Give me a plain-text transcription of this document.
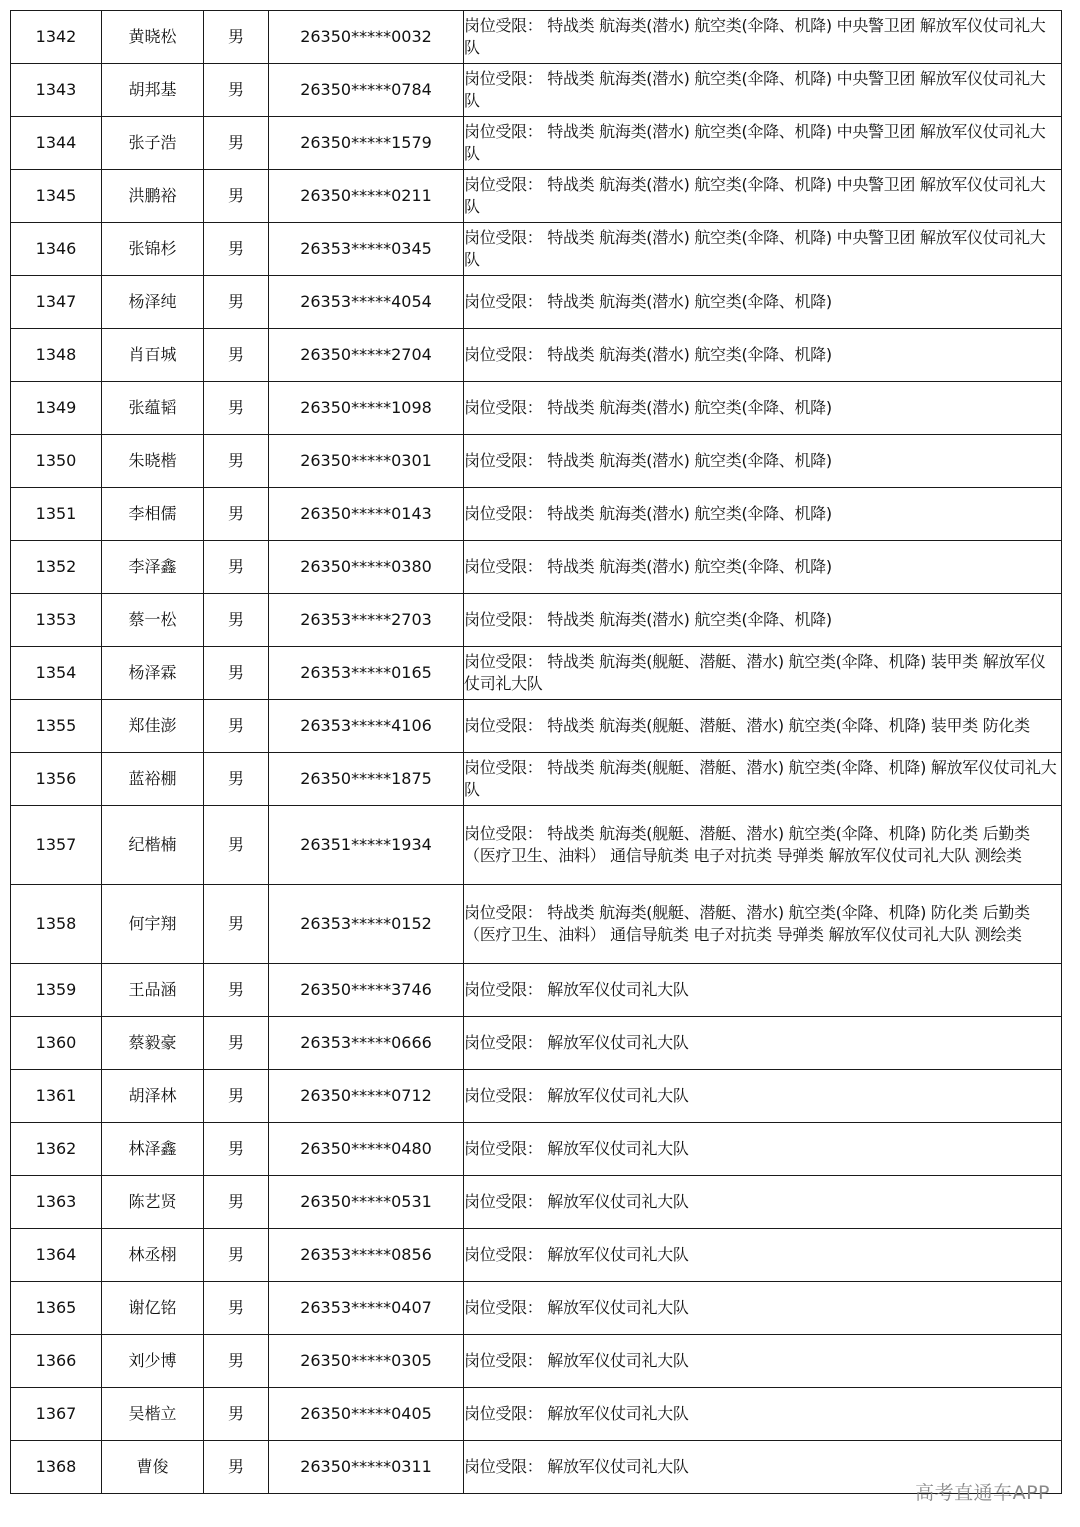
1342	黄晓松	男	26350*****0032	岗位受限： 特战类 航海类(潜水) 航空类(伞降、机降) 中央警卫团 解放军仪仗司礼大队
1343	胡邦基	男	26350*****0784	岗位受限： 特战类 航海类(潜水) 航空类(伞降、机降) 中央警卫团 解放军仪仗司礼大队
1344	张子浩	男	26350*****1579	岗位受限： 特战类 航海类(潜水) 航空类(伞降、机降) 中央警卫团 解放军仪仗司礼大队
1345	洪鹏裕	男	26350*****0211	岗位受限： 特战类 航海类(潜水) 航空类(伞降、机降) 中央警卫团 解放军仪仗司礼大队
1346	张锦杉	男	26353*****0345	岗位受限： 特战类 航海类(潜水) 航空类(伞降、机降) 中央警卫团 解放军仪仗司礼大队
1347	杨泽纯	男	26353*****4054	岗位受限： 特战类 航海类(潜水) 航空类(伞降、机降)
1348	肖百城	男	26350*****2704	岗位受限： 特战类 航海类(潜水) 航空类(伞降、机降)
1349	张蕴韬	男	26350*****1098	岗位受限： 特战类 航海类(潜水) 航空类(伞降、机降)
1350	朱晓楷	男	26350*****0301	岗位受限： 特战类 航海类(潜水) 航空类(伞降、机降)
1351	李相儒	男	26350*****0143	岗位受限： 特战类 航海类(潜水) 航空类(伞降、机降)
1352	李泽鑫	男	26350*****0380	岗位受限： 特战类 航海类(潜水) 航空类(伞降、机降)
1353	蔡一松	男	26353*****2703	岗位受限： 特战类 航海类(潜水) 航空类(伞降、机降)
1354	杨泽霖	男	26353*****0165	岗位受限： 特战类 航海类(舰艇、潜艇、潜水) 航空类(伞降、机降) 装甲类 解放军仪仗司礼大队
1355	郑佳澎	男	26353*****4106	岗位受限： 特战类 航海类(舰艇、潜艇、潜水) 航空类(伞降、机降) 装甲类 防化类
1356	蓝裕棚	男	26350*****1875	岗位受限： 特战类 航海类(舰艇、潜艇、潜水) 航空类(伞降、机降) 解放军仪仗司礼大队
1357	纪楷楠	男	26351*****1934	岗位受限： 特战类 航海类(舰艇、潜艇、潜水) 航空类(伞降、机降) 防化类 后勤类（医疗卫生、油料） 通信导航类 电子对抗类 导弹类 解放军仪仗司礼大队 测绘类
1358	何宇翔	男	26353*****0152	岗位受限： 特战类 航海类(舰艇、潜艇、潜水) 航空类(伞降、机降) 防化类 后勤类（医疗卫生、油料） 通信导航类 电子对抗类 导弹类 解放军仪仗司礼大队 测绘类
1359	王品涵	男	26350*****3746	岗位受限： 解放军仪仗司礼大队
1360	蔡毅豪	男	26353*****0666	岗位受限： 解放军仪仗司礼大队
1361	胡泽林	男	26350*****0712	岗位受限： 解放军仪仗司礼大队
1362	林泽鑫	男	26350*****0480	岗位受限： 解放军仪仗司礼大队
1363	陈艺贤	男	26350*****0531	岗位受限： 解放军仪仗司礼大队
1364	林丞栩	男	26353*****0856	岗位受限： 解放军仪仗司礼大队
1365	谢亿铭	男	26353*****0407	岗位受限： 解放军仪仗司礼大队
1366	刘少博	男	26350*****0305	岗位受限： 解放军仪仗司礼大队
1367	吴楷立	男	26350*****0405	岗位受限： 解放军仪仗司礼大队
1368	曹俊	男	26350*****0311	岗位受限： 解放军仪仗司礼大队
高考直通车APP
